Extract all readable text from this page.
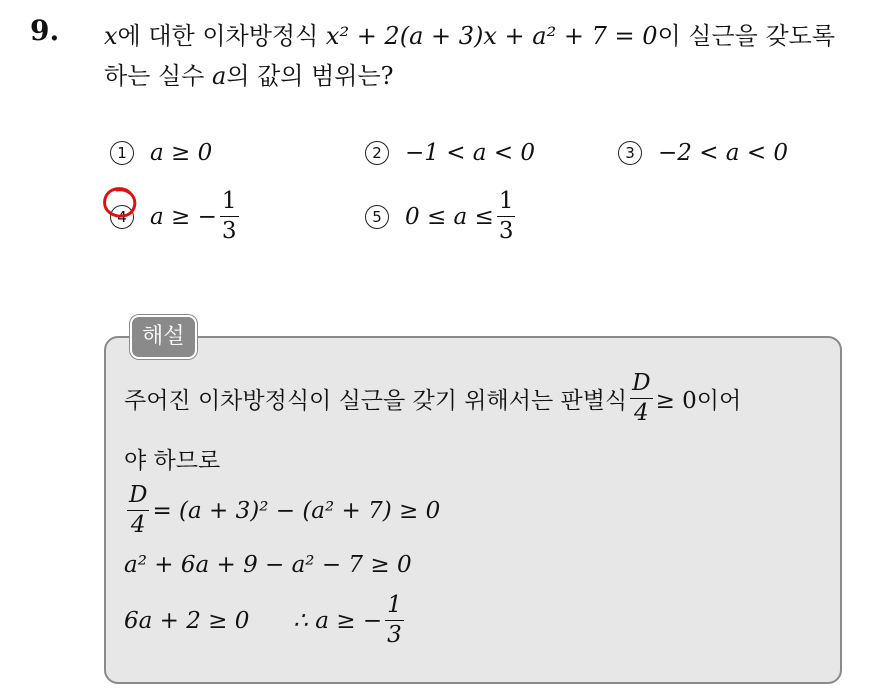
9. x에 대한 이차방정식 x² + 2(a + 3)x + a² + 7 = 0이 실근을 갖도록
하는 실수 a의 값의 범위는?
1	a ≥ 0	2	−1 < a < 0	3	−2 < a < 0
4	a ≥ − $\frac{1}{3}$	5	$0 \le a \le \frac{1}{3}$
해설
주어진 이차방정식이 실근을 갖기 위해서는 판별식 $\frac{D}{4} \ge 0$이어
야 하므로
$\frac{D}{4} = (a + 3)^2 - (a^2 + 7) \ge 0$
a² + 6a + 9 − a² − 7 ≥ 0
6a + 2 ≥ 0      ∴ a ≥ − $\frac{1}{3}$
